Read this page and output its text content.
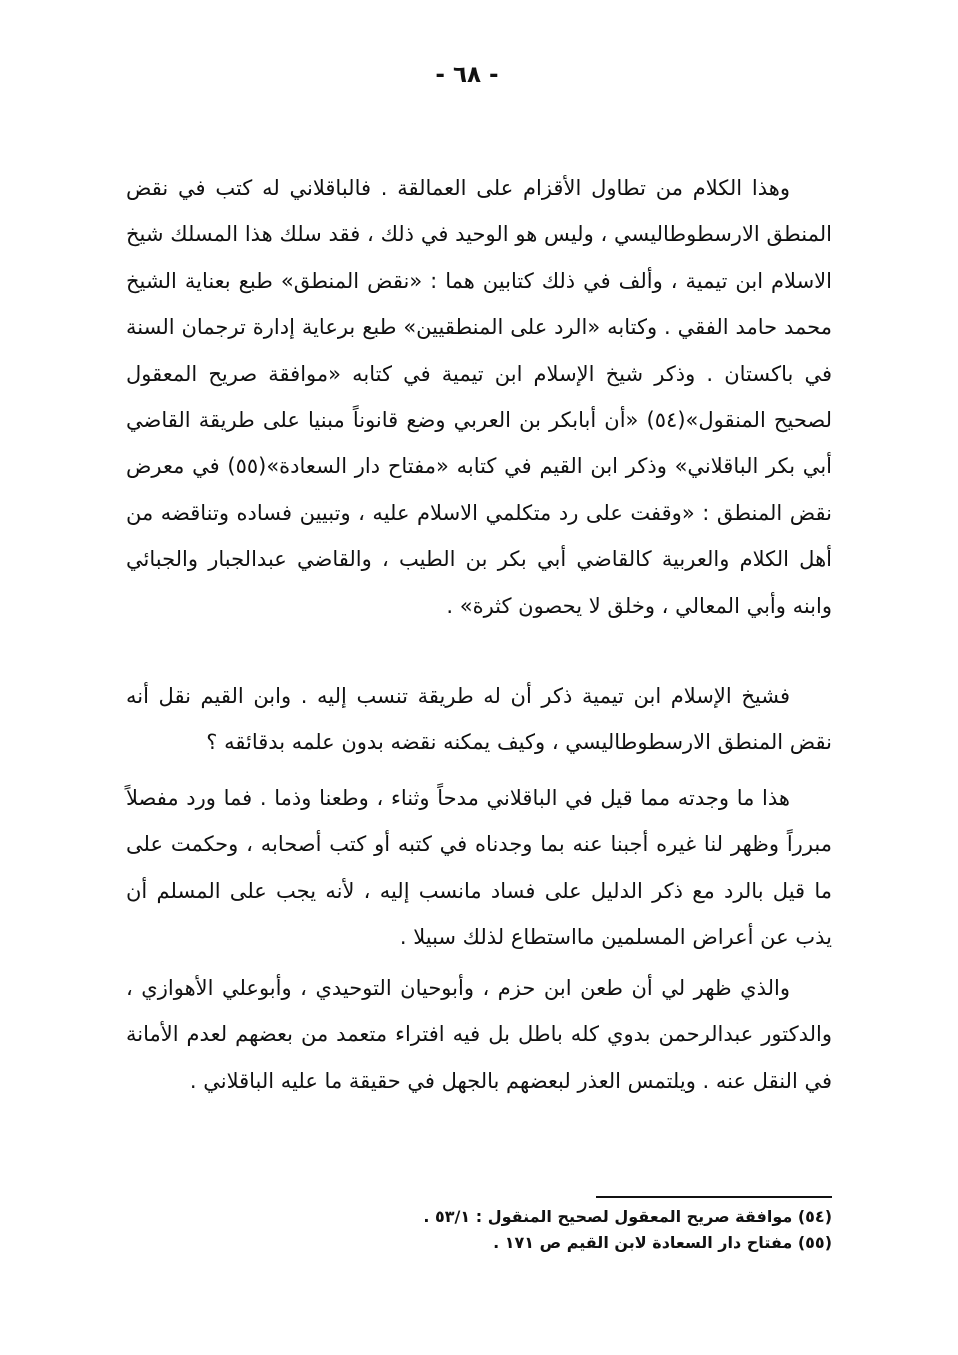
- ٦٨ -

وهذا الكلام من تطاول الأقزام على العمالقة . فالباقلاني له كتب في نقض المنطق الارسطوطاليسي ، وليس هو الوحيد في ذلك ، فقد سلك هذا المسلك شيخ الاسلام ابن تيمية ، وألف في ذلك كتابين هما : «نقض المنطق» طبع بعناية الشيخ محمد حامد الفقي . وكتابه «الرد على المنطقيين» طبع برعاية إدارة ترجمان السنة في باكستان . وذكر شيخ الإسلام ابن تيمية في كتابه «موافقة صريح المعقول لصحيح المنقول»(٥٤) «أن أبابكر بن العربي وضع قانوناً مبنيا على طريقة القاضي أبي بكر الباقلاني» وذكر ابن القيم في كتابه «مفتاح دار السعادة»(٥٥) في معرض نقض المنطق : «وقفت على رد متكلمي الاسلام عليه ، وتبيين فساده وتناقضه من أهل الكلام والعربية كالقاضي أبي بكر بن الطيب ، والقاضي عبدالجبار والجبائي وابنه وأبي المعالي ، وخلق لا يحصون كثرة» .

فشيخ الإسلام ابن تيمية ذكر أن له طريقة تنسب إليه . وابن القيم نقل أنه نقض المنطق الارسطوطاليسي ، وكيف يمكنه نقضه بدون علمه بدقائقه ؟

هذا ما وجدته مما قيل في الباقلاني مدحاً وثناء ، وطعنا وذما . فما ورد مفصلاً مبرراً وظهر لنا غيره أجبنا عنه بما وجدناه في كتبه أو كتب أصحابه ، وحكمت على ما قيل بالرد مع ذكر الدليل على فساد مانسب إليه ، لأنه يجب على المسلم أن يذب عن أعراض المسلمين مااستطاع لذلك سبيلا .

والذي ظهر لي أن طعن ابن حزم ، وأبوحيان التوحيدي ، وأبوعلي الأهوازي ، والدكتور عبدالرحمن بدوي كله باطل بل فيه افتراء متعمد من بعضهم لعدم الأمانة في النقل عنه . ويلتمس العذر لبعضهم بالجهل في حقيقة ما عليه الباقلاني .

(٥٤) موافقة صريح المعقول لصحيح المنقول : ٥٣/١ .

(٥٥) مفتاح دار السعادة لابن القيم ص ١٧١ .
